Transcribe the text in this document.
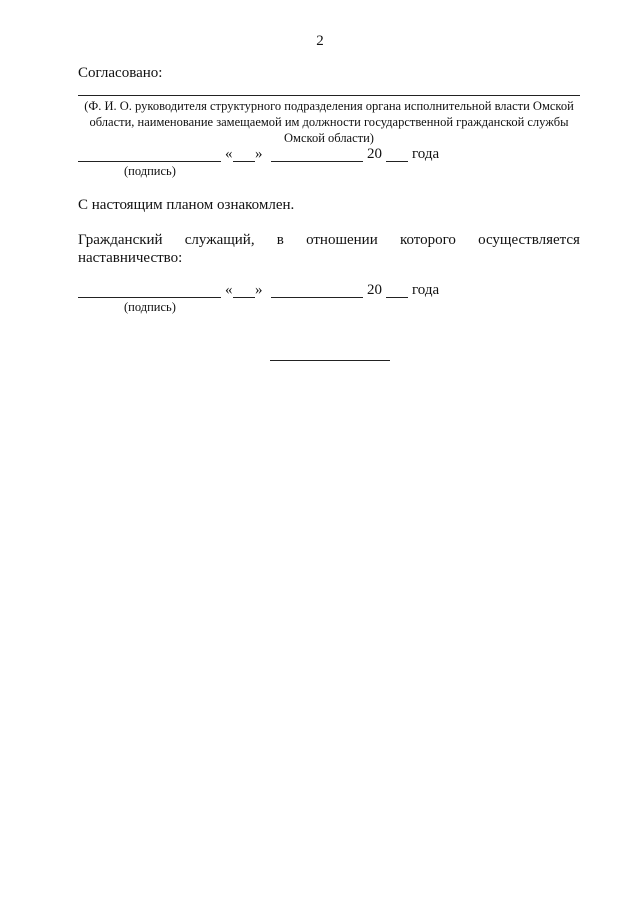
2
Согласовано:
(Ф. И. О. руководителя структурного подразделения органа исполнительной власти Омской области, наименование замещаемой им должности государственной гражданской службы Омской области)
« »	20 года
(подпись)
С настоящим планом ознакомлен.
Гражданский служащий, в отношении которого осуществляется
наставничество:
« »	20 года
(подпись)
